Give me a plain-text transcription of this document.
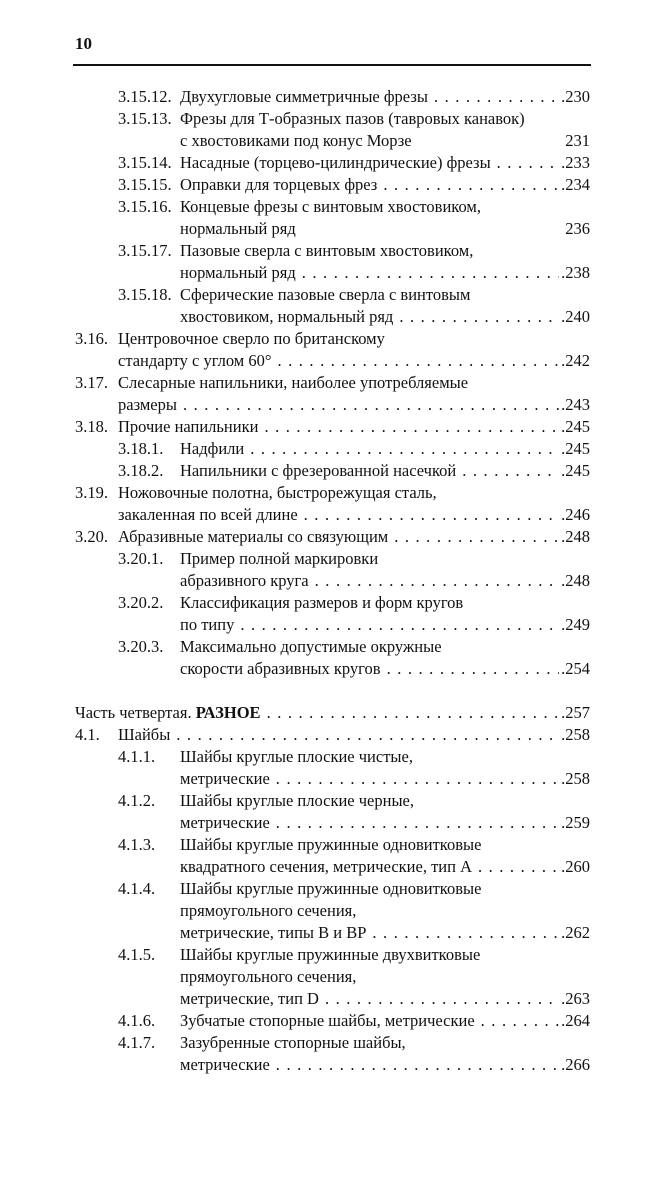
10
3.15.12. Двухугловые симметричные фрезы . . .	.230
3.15.13. Фрезы для Т-образных пазов (тавровых канавок)
с хвостовиками под конус Морзе	231
3.15.14. Насадные (торцево-цилиндрические) фрезы . . .	.233
3.15.15. Оправки для торцевых фрез . . .	.234
3.15.16. Концевые фрезы с винтовым хвостовиком,
нормальный ряд	236
3.15.17. Пазовые сверла с винтовым хвостовиком,
нормальный ряд . . .	.238
3.15.18. Сферические пазовые сверла с винтовым
хвостовиком, нормальный ряд . . .	.240
3.16. Центровочное сверло по британскому
стандарту с углом 60° . . .	.242
3.17. Слесарные напильники, наиболее употребляемые
размеры . . .	.243
3.18. Прочие напильники . . .	.245
3.18.1. Надфили . . .	.245
3.18.2. Напильники с фрезерованной насечкой . . .	.245
3.19. Ножовочные полотна, быстрорежущая сталь,
закаленная по всей длине . . .	.246
3.20. Абразивные материалы со связующим . . .	.248
3.20.1. Пример полной маркировки
абразивного круга . . .	.248
3.20.2. Классификация размеров и форм кругов
по типу . . .	.249
3.20.3. Максимально допустимые окружные
скорости абразивных кругов . . .	.254
Часть четвертая. РАЗНОЕ . . .	.257
4.1. Шайбы . . .	.258
4.1.1. Шайбы круглые плоские чистые,
метрические . . .	.258
4.1.2. Шайбы круглые плоские черные,
метрические . . .	.259
4.1.3. Шайбы круглые пружинные одновитковые
квадратного сечения, метрические, тип А . . .	.260
4.1.4. Шайбы круглые пружинные одновитковые
прямоугольного сечения,
метрические, типы В и ВР . . .	.262
4.1.5. Шайбы круглые пружинные двухвитковые
прямоугольного сечения,
метрические, тип D . . .	.263
4.1.6. Зубчатые стопорные шайбы, метрические . . .	.264
4.1.7. Зазубренные стопорные шайбы,
метрические . . .	.266
